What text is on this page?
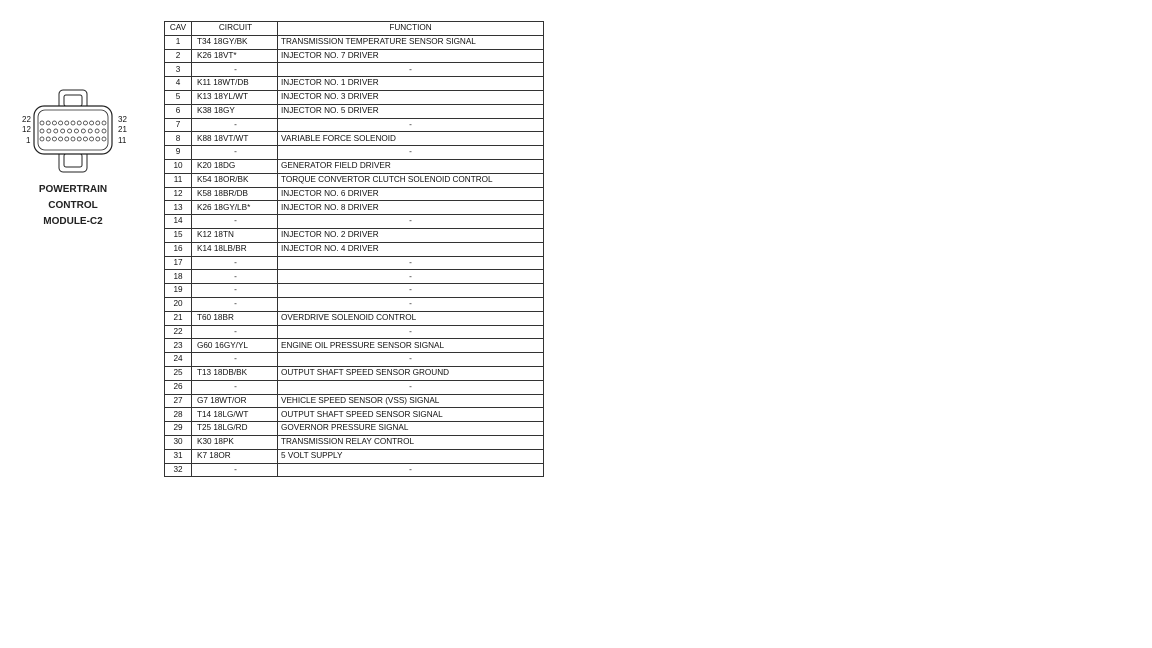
22
12
1
32
21
11
POWERTRAIN
CONTROL
MODULE-C2
CAV	CIRCUIT	FUNCTION
1	T34 18GY/BK	TRANSMISSION TEMPERATURE SENSOR SIGNAL
2	K26 18VT*	INJECTOR NO. 7 DRIVER
3	-	-
4	K11 18WT/DB	INJECTOR NO. 1 DRIVER
5	K13 18YL/WT	INJECTOR NO. 3 DRIVER
6	K38 18GY	INJECTOR NO. 5 DRIVER
7	-	-
8	K88 18VT/WT	VARIABLE FORCE SOLENOID
9	-	-
10	K20 18DG	GENERATOR FIELD DRIVER
11	K54 18OR/BK	TORQUE CONVERTOR CLUTCH SOLENOID CONTROL
12	K58 18BR/DB	INJECTOR NO. 6 DRIVER
13	K26 18GY/LB*	INJECTOR NO. 8 DRIVER
14	-	-
15	K12 18TN	INJECTOR NO. 2 DRIVER
16	K14 18LB/BR	INJECTOR NO. 4 DRIVER
17	-	-
18	-	-
19	-	-
20	-	-
21	T60 18BR	OVERDRIVE SOLENOID CONTROL
22	-	-
23	G60 16GY/YL	ENGINE OIL PRESSURE SENSOR SIGNAL
24	-	-
25	T13 18DB/BK	OUTPUT SHAFT SPEED SENSOR GROUND
26	-	-
27	G7 18WT/OR	VEHICLE SPEED SENSOR (VSS) SIGNAL
28	T14 18LG/WT	OUTPUT SHAFT SPEED SENSOR SIGNAL
29	T25 18LG/RD	GOVERNOR PRESSURE SIGNAL
30	K30 18PK	TRANSMISSION RELAY CONTROL
31	K7 18OR	5 VOLT SUPPLY
32	-	-
